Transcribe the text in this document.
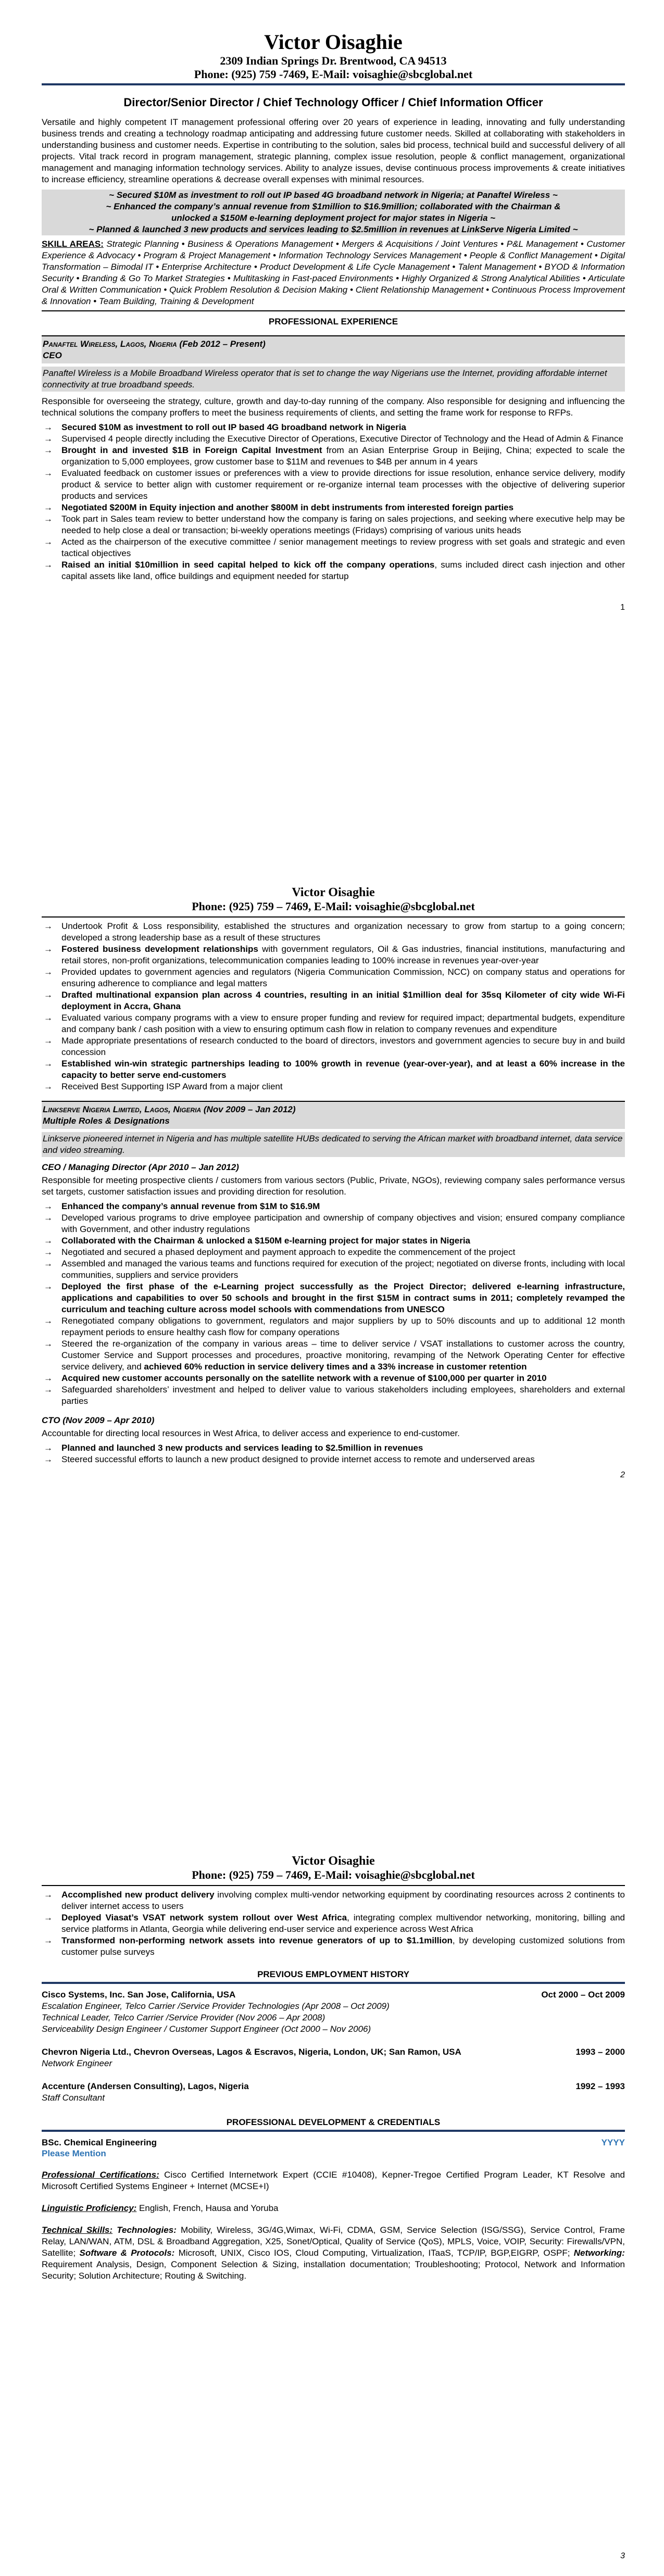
Victor Oisaghie
2309 Indian Springs Dr. Brentwood, CA 94513
Phone: (925) 759 -7469, E-Mail: voisaghie@sbcglobal.net
Director/Senior Director / Chief Technology Officer / Chief Information Officer

Versatile and highly competent IT management professional offering over 20 years of experience in leading, innovating and fully understanding business trends and creating a technology roadmap anticipating and addressing future customer needs. Skilled at collaborating with stakeholders in understanding business and customer needs. Expertise in contributing to the solution, sales bid process, technical build and successful delivery of all projects. Vital track record in program management, strategic planning, complex issue resolution, people & conflict management, organizational management and managing information technology services. Ability to analyze issues, devise continuous process improvements & create initiatives to increase efficiency, streamline operations & decrease overall expenses with minimal resources.

~ Secured $10M as investment to roll out IP based 4G broadband network in Nigeria; at Panaftel Wireless ~
~ Enhanced the company’s annual revenue from $1million to $16.9million; collaborated with the Chairman &
unlocked a $150M e-learning deployment project for major states in Nigeria ~
~ Planned & launched 3 new products and services leading to $2.5million in revenues at LinkServe Nigeria Limited ~

SKILL AREAS: Strategic Planning • Business & Operations Management • Mergers & Acquisitions / Joint Ventures • P&L Management • Customer Experience & Advocacy • Program & Project Management • Information Technology Services Management • People & Conflict Management • Digital Transformation – Bimodal IT • Enterprise Architecture • Product Development & Life Cycle Management • Talent Management • BYOD & Information Security • Branding & Go To Market Strategies • Multitasking in Fast-paced Environments • Highly Organized & Strong Analytical Abilities • Articulate Oral & Written Communication • Quick Problem Resolution & Decision Making • Client Relationship Management • Continuous Process Improvement & Innovation • Team Building, Training & Development

PROFESSIONAL EXPERIENCE
Panaftel Wireless, Lagos, Nigeria (Feb 2012 – Present)
CEO
Panaftel Wireless is a Mobile Broadband Wireless operator that is set to change the way Nigerians use the Internet, providing affordable internet connectivity at true broadband speeds.

Responsible for overseeing the strategy, culture, growth and day-to-day running of the company. Also responsible for designing and influencing the technical solutions the company proffers to meet the business requirements of clients, and setting the frame work for response to RFPs.

→ Secured $10M as investment to roll out IP based 4G broadband network in Nigeria
→ Supervised 4 people directly including the Executive Director of Operations, Executive Director of Technology and the Head of Admin & Finance
→ Brought in and invested $1B in Foreign Capital Investment from an Asian Enterprise Group in Beijing, China; expected to scale the organization to 5,000 employees, grow customer base to $11M and revenues to $4B per annum in 4 years
→ Evaluated feedback on customer issues or preferences with a view to provide directions for issue resolution, enhance service delivery, modify product & service to better align with customer requirement or re-organize internal team processes with the objective of delivering superior products and services
→ Negotiated $200M in Equity injection and another $800M in debt instruments from interested foreign parties
→ Took part in Sales team review to better understand how the company is faring on sales projections, and seeking where executive help may be needed to help close a deal or transaction; bi-weekly operations meetings (Fridays) comprising of various units heads
→ Acted as the chairperson of the executive committee / senior management meetings to review progress with set goals and strategic and even tactical objectives
→ Raised an initial $10million in seed capital helped to kick off the company operations, sums included direct cash injection and other capital assets like land, office buildings and equipment needed for startup
1
Victor Oisaghie
Phone: (925) 759 – 7469, E-Mail: voisaghie@sbcglobal.net
→ Undertook Profit & Loss responsibility, established the structures and organization necessary to grow from startup to a going concern; developed a strong leadership base as a result of these structures
→ Fostered business development relationships with government regulators, Oil & Gas industries, financial institutions, manufacturing and retail stores, non-profit organizations, telecommunication companies leading to 100% increase in revenues year-over-year
→ Provided updates to government agencies and regulators (Nigeria Communication Commission, NCC) on company status and operations for ensuring adherence to compliance and legal matters
→ Drafted multinational expansion plan across 4 countries, resulting in an initial $1million deal for 35sq Kilometer of city wide Wi-Fi deployment in Accra, Ghana
→ Evaluated various company programs with a view to ensure proper funding and review for required impact; departmental budgets, expenditure and company bank / cash position with a view to ensuring optimum cash flow in relation to company revenues and expenditure
→ Made appropriate presentations of research conducted to the board of directors, investors and government agencies to secure buy in and build concession
→ Established win-win strategic partnerships leading to 100% growth in revenue (year-over-year), and at least a 60% increase in the capacity to better serve end-customers
→ Received Best Supporting ISP Award from a major client
Linkserve Nigeria Limited, Lagos, Nigeria (Nov 2009 – Jan 2012)
Multiple Roles & Designations
Linkserve pioneered internet in Nigeria and has multiple satellite HUBs dedicated to serving the African market with broadband internet, data service and video streaming.
CEO / Managing Director (Apr 2010 – Jan 2012)

Responsible for meeting prospective clients / customers from various sectors (Public, Private, NGOs), reviewing company sales performance versus set targets, customer satisfaction issues and providing direction for resolution.

→ Enhanced the company’s annual revenue from $1M to $16.9M
→ Developed various programs to drive employee participation and ownership of company objectives and vision; ensured company compliance with Government, and other industry regulations
→ Collaborated with the Chairman & unlocked a $150M e-learning project for major states in Nigeria
→ Negotiated and secured a phased deployment and payment approach to expedite the commencement of the project
→ Assembled and managed the various teams and functions required for execution of the project; negotiated on diverse fronts, including with local communities, suppliers and service providers
→ Deployed the first phase of the e-Learning project successfully as the Project Director; delivered e-learning infrastructure, applications and capabilities to over 50 schools and brought in the first $15M in contract sums in 2011; completely revamped the curriculum and teaching culture across model schools with commendations from UNESCO
→ Renegotiated company obligations to government, regulators and major suppliers by up to 50% discounts and up to additional 12 month repayment periods to ensure healthy cash flow for company operations
→ Steered the re-organization of the company in various areas – time to deliver service / VSAT installations to customer across the country, Customer Service and Support processes and procedures, proactive monitoring, revamping of the Network Operating Center for effective service delivery, and achieved 60% reduction in service delivery times and a 33% increase in customer retention
→ Acquired new customer accounts personally on the satellite network with a revenue of $100,000 per quarter in 2010
→ Safeguarded shareholders’ investment and helped to deliver value to various stakeholders including employees, shareholders and external parties
CTO (Nov 2009 – Apr 2010)

Accountable for directing local resources in West Africa, to deliver access and experience to end-customer.

→ Planned and launched 3 new products and services leading to $2.5million in revenues
→ Steered successful efforts to launch a new product designed to provide internet access to remote and underserved areas
2
Victor Oisaghie
Phone: (925) 759 – 7469, E-Mail: voisaghie@sbcglobal.net
→ Accomplished new product delivery involving complex multi-vendor networking equipment by coordinating resources across 2 continents to deliver internet access to users
→ Deployed Viasat’s VSAT network system rollout over West Africa, integrating complex multivendor networking, monitoring, billing and service platforms in Atlanta, Georgia while delivering end-user service and experience across West Africa
→ Transformed non-performing network assets into revenue generators of up to $1.1million, by developing customized solutions from customer pulse surveys
PREVIOUS EMPLOYMENT HISTORY
Cisco Systems, Inc. San Jose, California, USA	Oct 2000 – Oct 2009
Escalation Engineer, Telco Carrier /Service Provider Technologies (Apr 2008 – Oct 2009)
Technical Leader, Telco Carrier /Service Provider (Nov 2006 – Apr 2008)
Serviceability Design Engineer / Customer Support Engineer (Oct 2000 – Nov 2006)
Chevron Nigeria Ltd., Chevron Overseas, Lagos & Escravos, Nigeria, London, UK; San Ramon, USA	1993 – 2000
Network Engineer
Accenture (Andersen Consulting), Lagos, Nigeria	1992 – 1993
Staff Consultant
PROFESSIONAL DEVELOPMENT & CREDENTIALS
BSc. Chemical Engineering	YYYY
Please Mention

Professional Certifications: Cisco Certified Internetwork Expert (CCIE #10408), Kepner-Tregoe Certified Program Leader, KT Resolve and Microsoft Certified Systems Engineer + Internet (MCSE+I)

Linguistic Proficiency: English, French, Hausa and Yoruba

Technical Skills: Technologies: Mobility, Wireless, 3G/4G,Wimax, Wi-Fi, CDMA, GSM, Service Selection (ISG/SSG), Service Control, Frame Relay, LAN/WAN, ATM, DSL & Broadband Aggregation, X25, Sonet/Optical, Quality of Service (QoS), MPLS, Voice, VOIP, Security: Firewalls/VPN, Satellite; Software & Protocols: Microsoft, UNIX, Cisco IOS, Cloud Computing, Virtualization, ITaaS, TCP/IP, BGP,EIGRP, OSPF; Networking: Requirement Analysis, Design, Component Selection & Sizing, installation documentation; Troubleshooting; Protocol, Network and Information Security; Solution Architecture; Routing & Switching.

3
